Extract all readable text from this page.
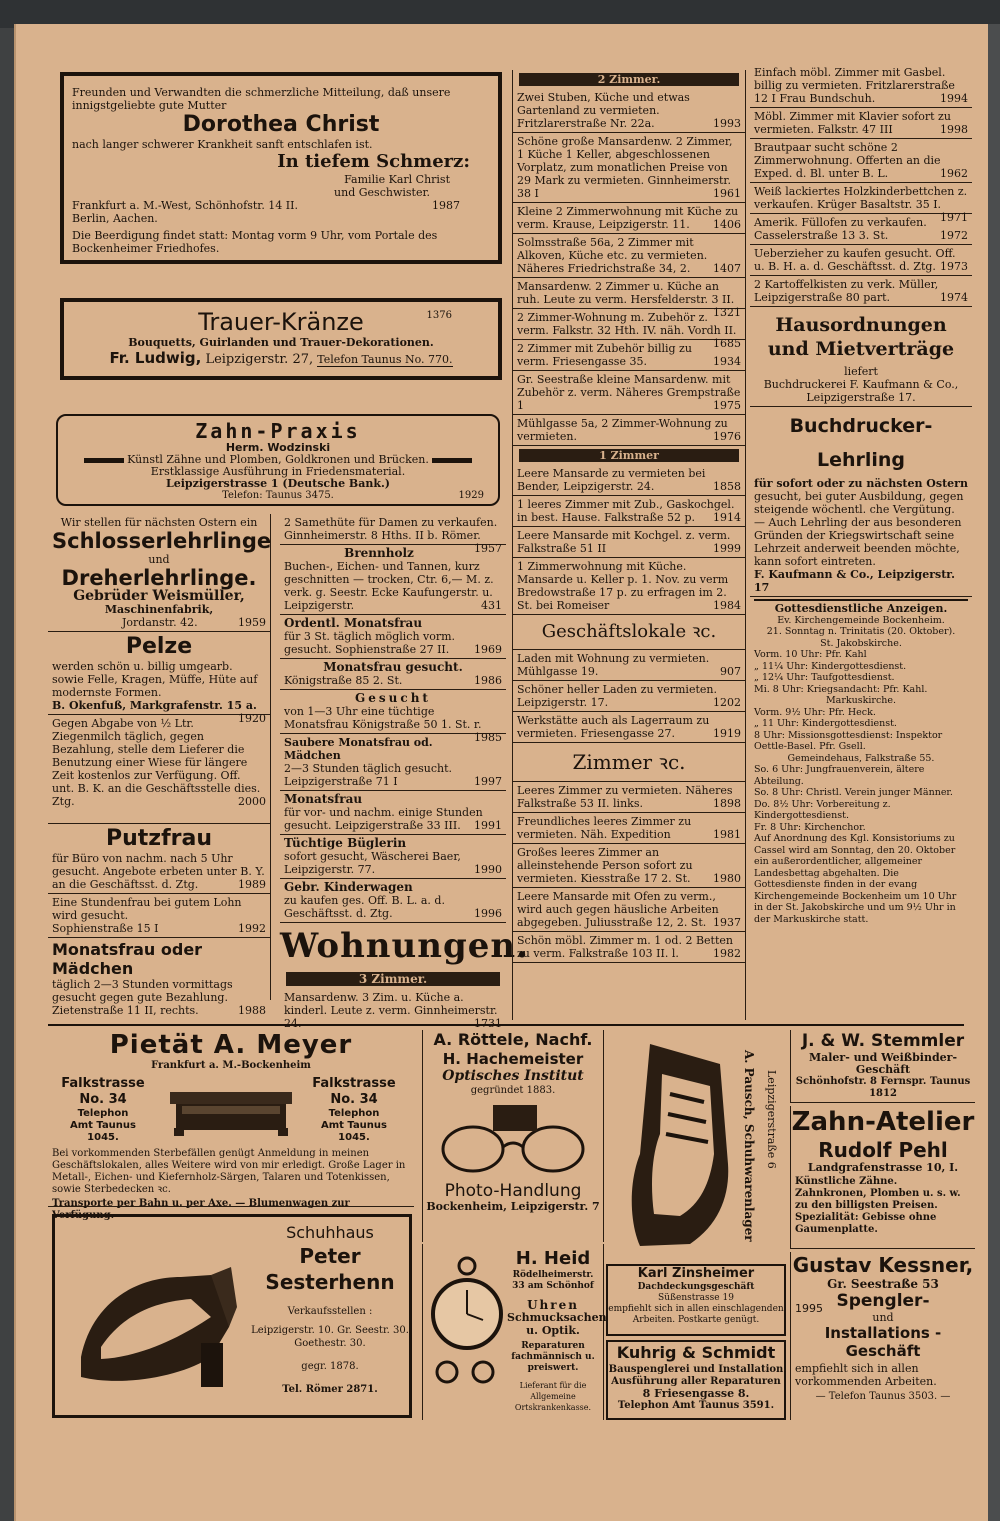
Freunden und Verwandten die schmerzliche Mitteilung, daß unsere

innigstgeliebte gute Mutter

Dorothea Christ

nach langer schwerer Krankheit sanft entschlafen ist.

In tiefem Schmerz:
Familie Karl Christ
und Geschwister.
Frankfurt a. M.-West, Schönhofstr. 14 II.	1987
Berlin, Aachen.

Die Beerdigung findet statt: Montag vorm 9 Uhr, vom Portale des Bockenheimer Friedhofes.

Trauer-Kränze	1376
Bouquetts, Guirlanden und Trauer-Dekorationen.
Fr. Ludwig, Leipzigerstr. 27, Telefon Taunus No. 770.
Zahn-Praxis
Herm. Wodzinski
Künstl Zähne und Plomben, Goldkronen und Brücken.
Erstklassige Ausführung in Friedensmaterial.
Leipzigerstrasse 1 (Deutsche Bank.)
Telefon: Taunus 3475.	1929
Wir stellen für nächsten Ostern ein
Schlosserlehrlinge
und
Dreherlehrlinge.
Gebrüder Weismüller,
Maschinenfabrik,
Jordanstr. 42.	1959
Pelze

werden schön u. billig umgearb. sowie Felle, Kragen, Müffe, Hüte auf modernste Formen.

B. Okenfuß, Markgrafenstr. 15 a.
1920

Gegen Abgabe von ½ Ltr. Ziegenmilch täglich, gegen Bezahlung, stelle dem Lieferer die Benutzung einer Wiese für längere Zeit kostenlos zur Verfügung. Off. unt. B. K. an die Geschäftsstelle dies. Ztg.	2000
Putzfrau

für Büro von nachm. nach 5 Uhr gesucht. Angebote erbeten unter B. Y. an die Geschäftsst. d. Ztg.	1989

Eine Stundenfrau bei gutem Lohn wird gesucht.

Sophienstraße 15 I	1992
Monatsfrau oder Mädchen

täglich 2—3 Stunden vormittags gesucht gegen gute Bezahlung.

Zietenstraße 11 II, rechts.	1988

2 Samethüte für Damen zu verkaufen. Ginnheimerstr. 8 Hths. II b. Römer.
1957

Brennholz

Buchen-, Eichen- und Tannen, kurz geschnitten — trocken, Ctr. 6,— M. z. verk. g. Seestr. Ecke Kaufungerstr. u. Leipzigerstr.	431

Ordentl. Monatsfrau

für 3 St. täglich möglich vorm. gesucht. Sophienstraße 27 II. 1969

Monatsfrau gesucht.

Königstraße 85 2. St.	1986

Gesucht

von 1—3 Uhr eine tüchtige Monatsfrau Königstraße 50 1. St. r.
1985

Saubere Monatsfrau od. Mädchen

2—3 Stunden täglich gesucht. Leipzigerstraße 71 I	1997

Monatsfrau

für vor- und nachm. einige Stunden gesucht. Leipzigerstraße 33 III. 1991

Tüchtige Büglerin

sofort gesucht, Wäscherei Baer, Leipzigerstr. 77.	1990

Gebr. Kinderwagen

zu kaufen ges. Off. B. L. a. d. Geschäftsst. d. Ztg.	1996

Wohnungen.
3 Zimmer.

Mansardenw. 3 Zim. u. Küche a. kinderl. Leute z. verm. Ginnheimerstr. 24.	1731

2 Zimmer.

Zwei Stuben, Küche und etwas Gartenland zu vermieten. Fritzlarerstraße Nr. 22a.	1993

Schöne große Mansardenw. 2 Zimmer, 1 Küche 1 Keller, abgeschlossenen Vorplatz, zum monatlichen Preise von 29 Mark zu vermieten. Ginnheimerstr. 38 I	1961

Kleine 2 Zimmerwohnung mit Küche zu verm. Krause, Leipzigerstr. 11. 1406

Solmsstraße 56a, 2 Zimmer mit Alkoven, Küche etc. zu vermieten. Näheres Friedrichstraße 34, 2. 1407

Mansardenw. 2 Zimmer u. Küche an ruh. Leute zu verm. Hersfelderstr. 3 II.
1321

2 Zimmer-Wohnung m. Zubehör z. verm. Falkstr. 32 Hth. IV. näh. Vordh II.
1685

2 Zimmer mit Zubehör billig zu verm. Friesengasse 35.	1934

Gr. Seestraße kleine Mansardenw. mit Zubehör z. verm. Näheres Grempstraße 1	1975

Mühlgasse 5a, 2 Zimmer-Wohnung zu vermieten.	1976

1 Zimmer

Leere Mansarde zu vermieten bei Bender, Leipzigerstr. 24.	1858

1 leeres Zimmer mit Zub., Gaskochgel. in best. Hause. Falkstraße 52 p. 1914

Leere Mansarde mit Kochgel. z. verm. Falkstraße 51 II	1999

1 Zimmerwohnung mit Küche. Mansarde u. Keller p. 1. Nov. zu verm Bredowstraße 17 p. zu erfragen im 2. St. bei Romeiser	1984

Geschäftslokale ꝛc.

Laden mit Wohnung zu vermieten. Mühlgasse 19.	907

Schöner heller Laden zu vermieten. Leipzigerstr. 17.	1202

Werkstätte auch als Lagerraum zu vermieten. Friesengasse 27.	1919

Zimmer ꝛc.

Leeres Zimmer zu vermieten. Näheres Falkstraße 53 II. links.	1898

Freundliches leeres Zimmer zu vermieten. Näh. Expedition	1981

Großes leeres Zimmer an alleinstehende Person sofort zu vermieten. Kiesstraße 17 2. St. 1980

Leere Mansarde mit Ofen zu verm., wird auch gegen häusliche Arbeiten abgegeben. Juliusstraße 12, 2. St. 1937

Schön möbl. Zimmer m. 1 od. 2 Betten zu verm. Falkstraße 103 II. l.	1982

Einfach möbl. Zimmer mit Gasbel. billig zu vermieten. Fritzlarerstraße 12 I Frau Bundschuh.	1994

Möbl. Zimmer mit Klavier sofort zu vermieten. Falkstr. 47 III	1998

Brautpaar sucht schöne 2 Zimmerwohnung. Offerten an die Exped. d. Bl. unter B. L.	1962

Weiß lackiertes Holzkinderbettchen z. verkaufen. Krüger Basaltstr. 35 I.
1971

Amerik. Füllofen zu verkaufen. Casselerstraße 13 3. St.	1972

Ueberzieher zu kaufen gesucht. Off. u. B. H. a. d. Geschäftsst. d. Ztg. 1973

2 Kartoffelkisten zu verk. Müller, Leipzigerstraße 80 part.	1974

Hausordnungen und Mietverträge
liefert
Buchdruckerei F. Kaufmann & Co.,
Leipzigerstraße 17.
Buchdrucker-Lehrling
für sofort oder zu nächsten Ostern

gesucht, bei guter Ausbildung, gegen steigende wöchentl. che Vergütung. — Auch Lehrling der aus besonderen Gründen der Kriegswirtschaft seine Lehrzeit anderweit beenden möchte, kann sofort eintreten.

F. Kaufmann & Co., Leipzigerstr. 17
Gottesdienstliche Anzeigen.
Ev. Kirchengemeinde Bockenheim.
21. Sonntag n. Trinitatis (20. Oktober).
St. Jakobskirche.
Vorm. 10 Uhr: Pfr. Kahl
„ 11¼ Uhr: Kindergottesdienst.
„ 12¼ Uhr: Taufgottesdienst.
Mi. 8 Uhr: Kriegsandacht: Pfr. Kahl.
Markuskirche.
Vorm. 9½ Uhr: Pfr. Heck.
„ 11 Uhr: Kindergottesdienst.
8 Uhr: Missionsgottesdienst: Inspektor Oettle-Basel. Pfr. Gsell.
Gemeindehaus, Falkstraße 55.
So. 6 Uhr: Jungfrauenverein, ältere Abteilung.
So. 8 Uhr: Christl. Verein junger Männer.
Do. 8½ Uhr: Vorbereitung z. Kindergottesdienst.
Fr. 8 Uhr: Kirchenchor.
Auf Anordnung des Kgl. Konsistoriums zu Cassel wird am Sonntag, den 20. Oktober ein außerordentlicher, allgemeiner Landesbettag abgehalten. Die Gottesdienste finden in der evang Kirchengemeinde Bockenheim um 10 Uhr in der St. Jakobskirche und um 9½ Uhr in der Markuskirche statt.
Pietät A. Meyer
Frankfurt a. M.-Bockenheim
Falkstrasse
No. 34
Telephon
Amt Taunus 1045.
Falkstrasse
No. 34
Telephon
Amt Taunus 1045.

Bei vorkommenden Sterbefällen genügt Anmeldung in meinen Geschäftslokalen, alles Weitere wird von mir erledigt. Große Lager in Metall-, Eichen- und Kiefernholz-Särgen, Talaren und Totenkissen, sowie Sterbedecken ꝛc.

Transporte per Bahn u. per Axe. — Blumenwagen zur Verfügung.

Schuhhaus
Peter Sesterhenn
Verkaufsstellen :
Leipzigerstr. 10. Gr. Seestr. 30.
Goethestr. 30.
gegr. 1878.
Tel. Römer 2871.
A. Röttele, Nachf.
H. Hachemeister
Optisches Institut
gegründet 1883.
Photo-Handlung
Bockenheim, Leipzigerstr. 7
H. Heid
Rödelheimerstr. 33 am Schönhof
Uhren
Schmucksachen u. Optik.
Reparaturen fachmännisch u. preiswert.
Lieferant für die Allgemeine Ortskrankenkasse.
A. Pausch, Schuhwarenlager Leipzigerstraße 6
Karl Zinsheimer
Dachdeckungsgeschäft
Süßenstrasse 19
empfiehlt sich in allen einschlagenden Arbeiten. Postkarte genügt.
Kuhrig & Schmidt
Bauspenglerei und Installation
Ausführung aller Reparaturen
8 Friesengasse 8.
Telephon Amt Taunus 3591.
J. & W. Stemmler
Maler- und Weißbinder-Geschäft
Schönhofstr. 8 Fernspr. Taunus 1812
Zahn-Atelier
Rudolf Pehl
Landgrafenstrasse 10, I.

Künstliche Zähne. Zahnkronen, Plomben u. s. w. zu den billigsten Preisen. Spezialität: Gebisse ohne Gaumenplatte.

Gustav Kessner,
Gr. Seestraße 53
1995 Spengler-
und
Installations - Geschäft

empfiehlt sich in allen vorkommenden Arbeiten.

— Telefon Taunus 3503. —
